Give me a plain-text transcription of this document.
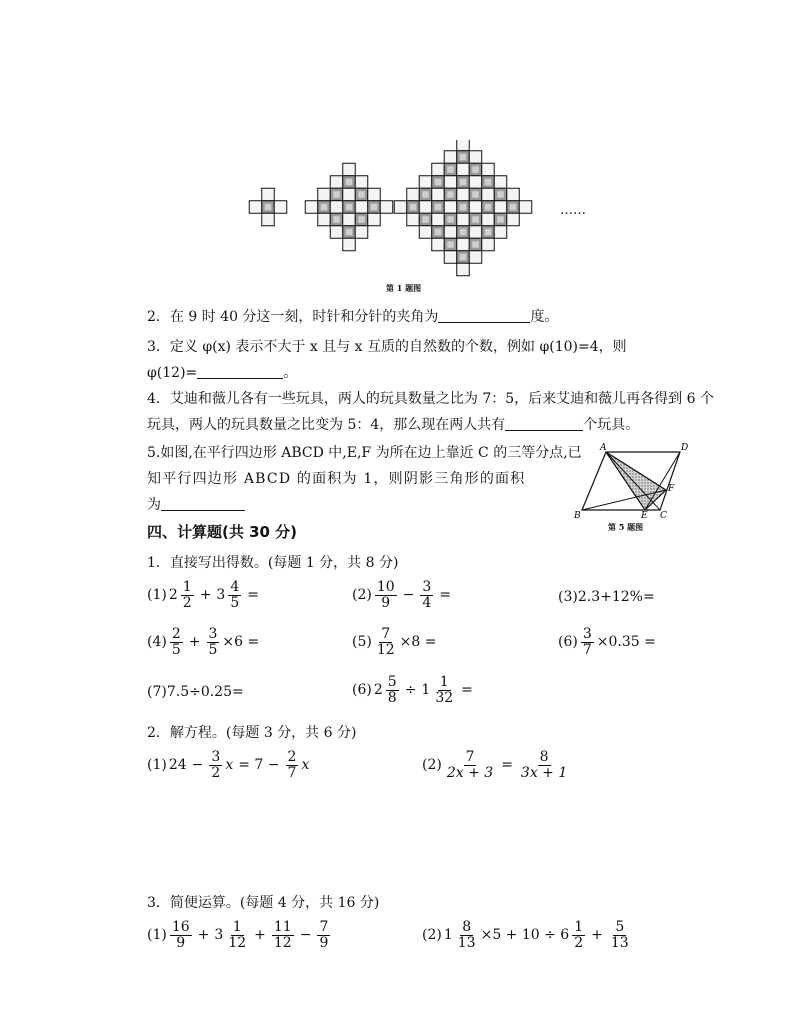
……
第 1 题图
2．在 9 时 40 分这一刻，时针和分针的夹角为	度。
3．定义 φ(x) 表示不大于 x 且与 x 互质的自然数的个数，例如 φ(10)=4，则
φ(12)=	。
4．艾迪和薇儿各有一些玩具，两人的玩具数量之比为 7：5，后来艾迪和薇儿再各得到 6 个
玩具，两人的玩具数量之比变为 5：4，那么现在两人共有	个玩具。
5.如图,在平行四边形 ABCD 中,E,F 为所在边上靠近 C 的三等分点,已
知平行四边形 ABCD 的面积为 1，则阴影三角形的面积
为
A	D
B	E C
F
第 5 题图
四、计算题(共 30 分)
1．直接写出得数。(每题 1 分，共 8 分)
(1) $2 \frac{1}{2} + 3 \frac{4}{5}$ =	$(2) \frac{10}{9} - \frac{3}{4}$ =	(3)2.3+12%=
$(4) \frac{2}{5} + \frac{3}{5} \times 6$ =	$(5) \frac{7}{12} \times 8$ =	$(6) \frac{3}{7} \times 0.35$ =
(7)7.5÷0.25=	(6) $2 \frac{5}{8} \div 1 \frac{1}{32}$ =
2．解方程。(每题 3 分，共 6 分)
(1) $24 - \frac{3}{2}$ $x = 7 - \frac{2}{7}$ x	$(2) \frac{7}{2x + 3} = \frac{8}{3x + 1}$
3．简便运算。(每题 4 分，共 16 分)
$(1) \frac{16}{9} + 3 \frac{1}{12} + \frac{11}{12} - \frac{7}{9}$	(2) $1 \frac{8}{13} \times 5 + 10 \div 6 \frac{1}{2} + \frac{5}{13}$
